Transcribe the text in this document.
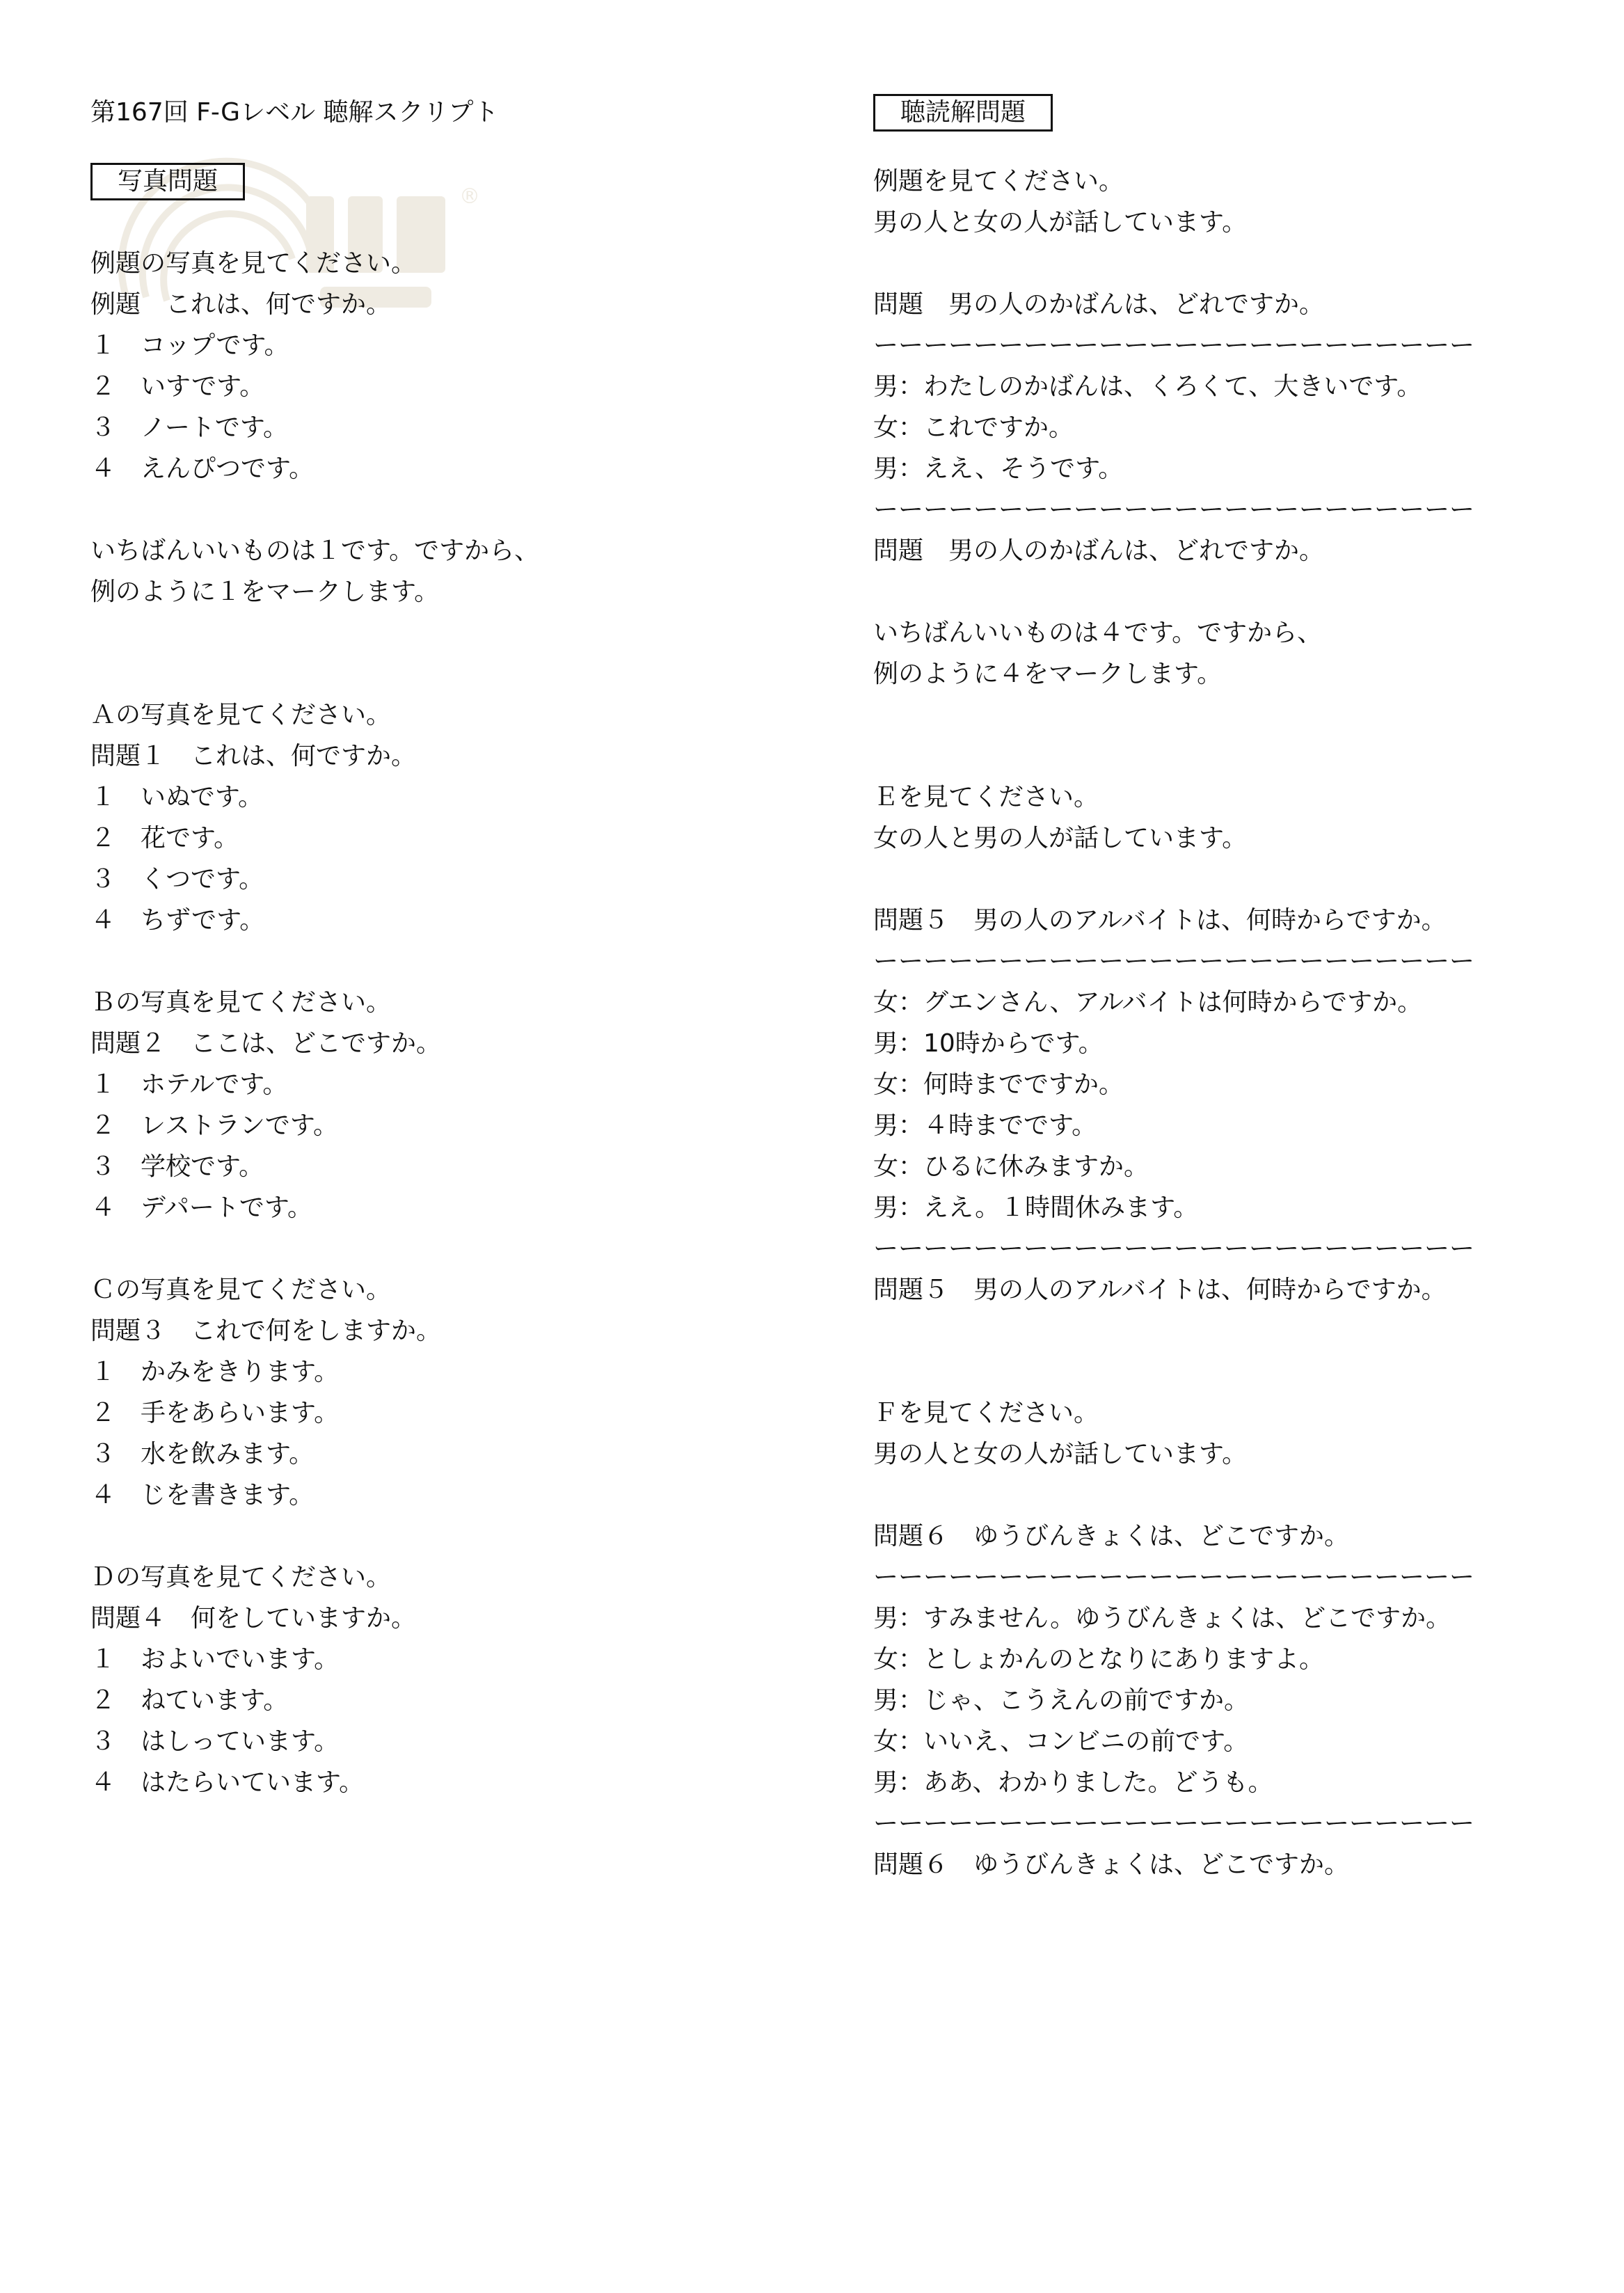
®
第167回 F-Gレベル 聴解スクリプト
写真問題
例題の写真を見てください。
例題　これは、何ですか。
１　コップです。
２　いすです。
３　ノートです。
４　えんぴつです。
いちばんいいものは１です。ですから、
例のように１をマークします。
Ａの写真を見てください。
問題１　これは、何ですか。
１　いぬです。
２　花です。
３　くつです。
４　ちずです。
Ｂの写真を見てください。
問題２　ここは、どこですか。
１　ホテルです。
２　レストランです。
３　学校です。
４　デパートです。
Ｃの写真を見てください。
問題３　これで何をしますか。
１　かみをきります。
２　手をあらいます。
３　水を飲みます。
４　じを書きます。
Ｄの写真を見てください。
問題４　何をしていますか。
１　およいでいます。
２　ねています。
３　はしっています。
４　はたらいています。
聴読解問題
例題を見てください。
男の人と女の人が話しています。
問題　男の人のかばんは、どれですか。
ーーーーーーーーーーーーーーーーーーーーーーーー
男：わたしのかばんは、くろくて、大きいです。
女：これですか。
男：ええ、そうです。
ーーーーーーーーーーーーーーーーーーーーーーーー
問題　男の人のかばんは、どれですか。
いちばんいいものは４です。ですから、
例のように４をマークします。
Ｅを見てください。
女の人と男の人が話しています。
問題５　男の人のアルバイトは、何時からですか。
ーーーーーーーーーーーーーーーーーーーーーーーー
女：グエンさん、アルバイトは何時からですか。
男：10時からです。
女：何時までですか。
男：４時までです。
女：ひるに休みますか。
男：ええ。１時間休みます。
ーーーーーーーーーーーーーーーーーーーーーーーー
問題５　男の人のアルバイトは、何時からですか。
Ｆを見てください。
男の人と女の人が話しています。
問題６　ゆうびんきょくは、どこですか。
ーーーーーーーーーーーーーーーーーーーーーーーー
男：すみません。ゆうびんきょくは、どこですか。
女：としょかんのとなりにありますよ。
男：じゃ、こうえんの前ですか。
女：いいえ、コンビニの前です。
男：ああ、わかりました。どうも。
ーーーーーーーーーーーーーーーーーーーーーーーー
問題６　ゆうびんきょくは、どこですか。
